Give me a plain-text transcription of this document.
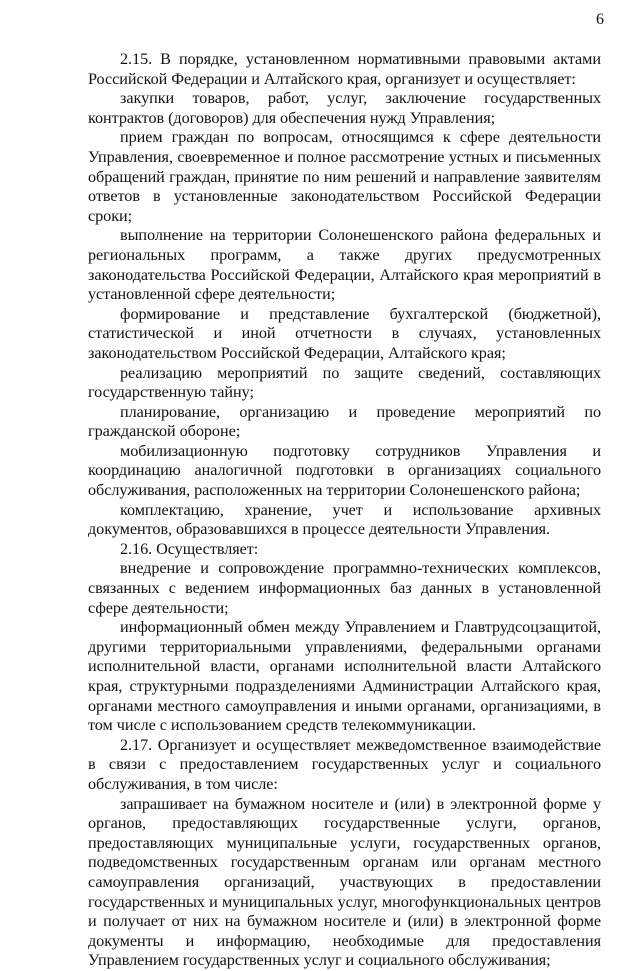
6

2.15. В порядке, установленном нормативными правовыми актами Российской Федерации и Алтайского края, организует и осуществляет:

закупки товаров, работ, услуг, заключение государственных контрактов (договоров) для обеспечения нужд Управления;

прием граждан по вопросам, относящимся к сфере деятельности Управления, своевременное и полное рассмотрение устных и письменных обращений граждан, принятие по ним решений и направление заявителям ответов в установленные законодательством Российской Федерации сроки;

выполнение на территории Солонешенского района федеральных и региональных программ, а также других предусмотренных законодательства Российской Федерации, Алтайского края мероприятий в установленной сфере деятельности;

формирование и представление бухгалтерской (бюджетной), статистической и иной отчетности в случаях, установленных законодательством Российской Федерации, Алтайского края;

реализацию мероприятий по защите сведений, составляющих государственную тайну;

планирование, организацию и проведение мероприятий по гражданской обороне;

мобилизационную подготовку сотрудников Управления и координацию аналогичной подготовки в организациях социального обслуживания, расположенных на территории Солонешенского района;

комплектацию, хранение, учет и использование архивных документов, образовавшихся в процессе деятельности Управления.

2.16. Осуществляет:

внедрение и сопровождение программно-технических комплексов, связанных с ведением информационных баз данных в установленной сфере деятельности;

информационный обмен между Управлением и Главтрудсоцзащитой, другими территориальными управлениями, федеральными органами исполнительной власти, органами исполнительной власти Алтайского края, структурными подразделениями Администрации Алтайского края, органами местного самоуправления и иными органами, организациями, в том числе с использованием средств телекоммуникации.

2.17. Организует и осуществляет межведомственное взаимодействие в связи с предоставлением государственных услуг и социального обслуживания, в том числе:

запрашивает на бумажном носителе и (или) в электронной форме у органов, предоставляющих государственные услуги, органов, предоставляющих муниципальные услуги, государственных органов, подведомственных государственным органам или органам местного самоуправления организаций, участвующих в предоставлении государственных и муниципальных услуг, многофункциональных центров и получает от них на бумажном носителе и (или) в электронной форме документы и информацию, необходимые для предоставления Управлением государственных услуг и социального обслуживания;
